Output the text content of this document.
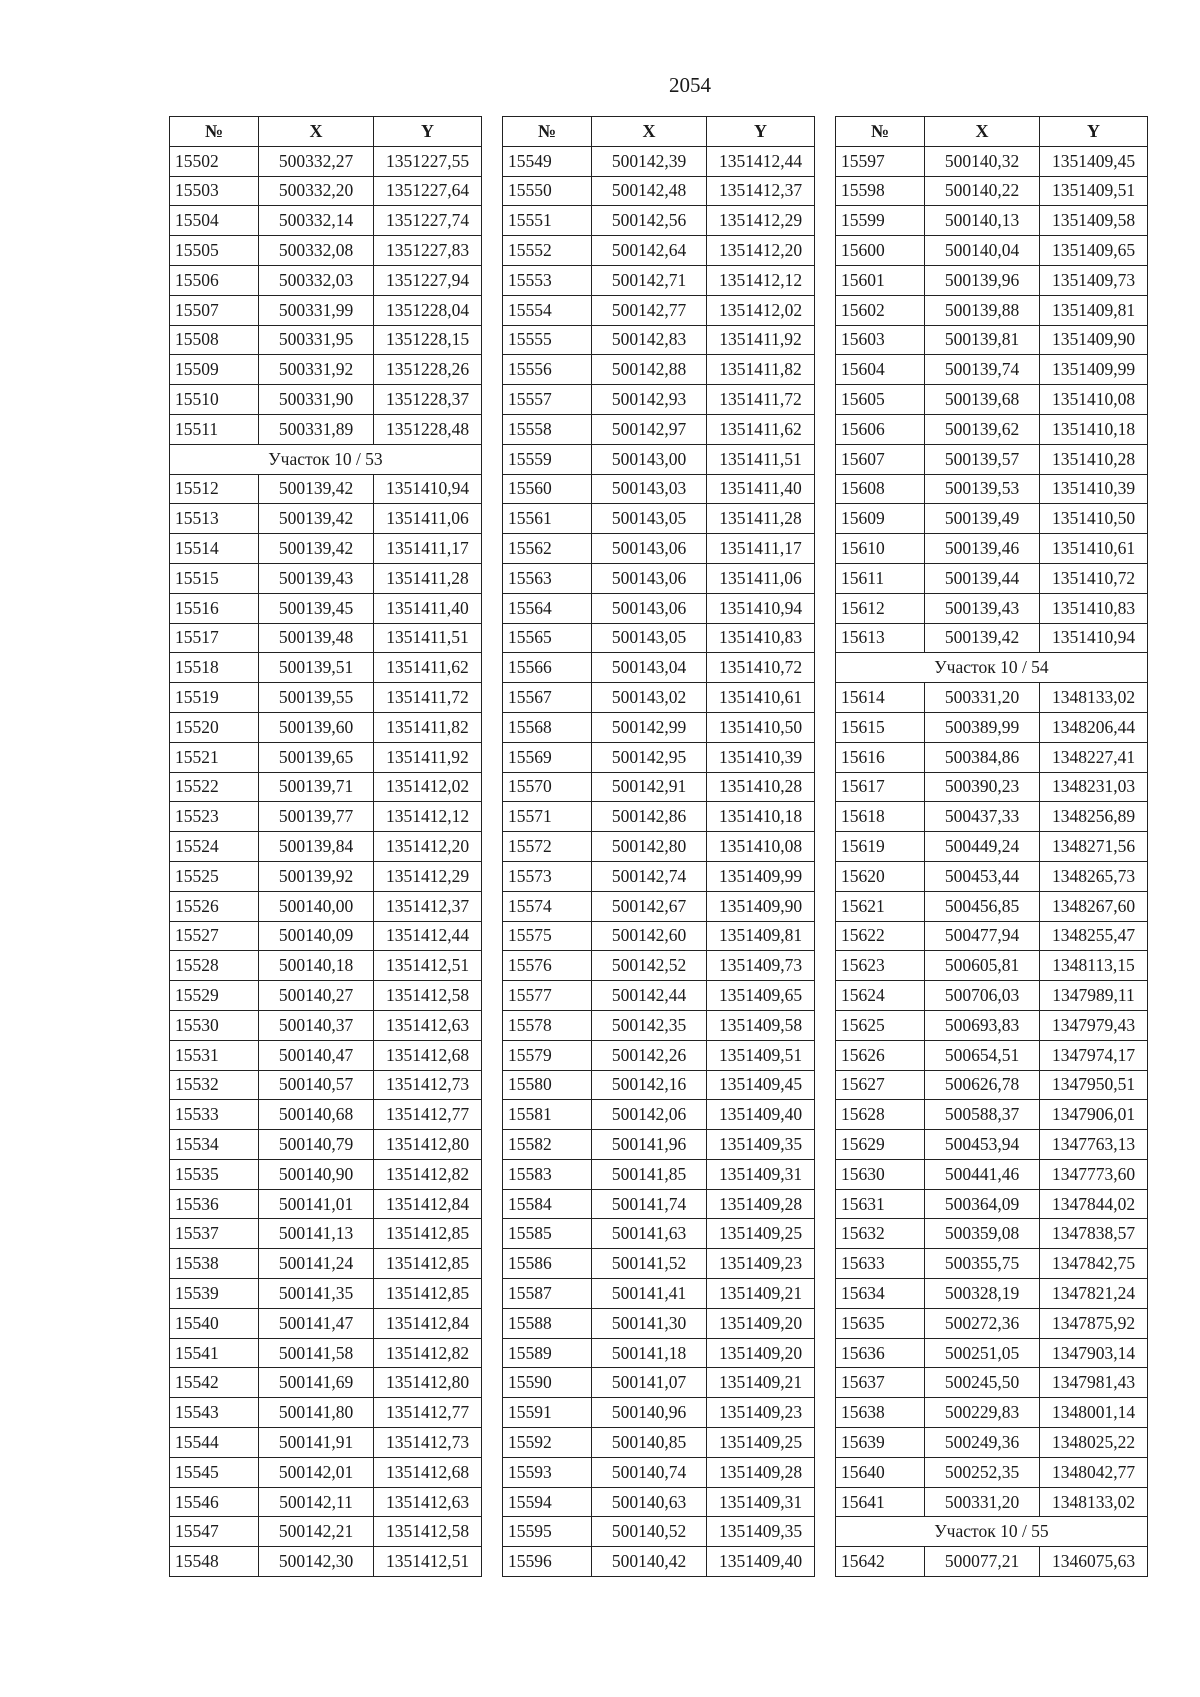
2054
№	X	Y
15502	500332,27	1351227,55
15503	500332,20	1351227,64
15504	500332,14	1351227,74
15505	500332,08	1351227,83
15506	500332,03	1351227,94
15507	500331,99	1351228,04
15508	500331,95	1351228,15
15509	500331,92	1351228,26
15510	500331,90	1351228,37
15511	500331,89	1351228,48
Участок 10 / 53		
15512	500139,42	1351410,94
15513	500139,42	1351411,06
15514	500139,42	1351411,17
15515	500139,43	1351411,28
15516	500139,45	1351411,40
15517	500139,48	1351411,51
15518	500139,51	1351411,62
15519	500139,55	1351411,72
15520	500139,60	1351411,82
15521	500139,65	1351411,92
15522	500139,71	1351412,02
15523	500139,77	1351412,12
15524	500139,84	1351412,20
15525	500139,92	1351412,29
15526	500140,00	1351412,37
15527	500140,09	1351412,44
15528	500140,18	1351412,51
15529	500140,27	1351412,58
15530	500140,37	1351412,63
15531	500140,47	1351412,68
15532	500140,57	1351412,73
15533	500140,68	1351412,77
15534	500140,79	1351412,80
15535	500140,90	1351412,82
15536	500141,01	1351412,84
15537	500141,13	1351412,85
15538	500141,24	1351412,85
15539	500141,35	1351412,85
15540	500141,47	1351412,84
15541	500141,58	1351412,82
15542	500141,69	1351412,80
15543	500141,80	1351412,77
15544	500141,91	1351412,73
15545	500142,01	1351412,68
15546	500142,11	1351412,63
15547	500142,21	1351412,58
15548	500142,30	1351412,51
№	X	Y
15549	500142,39	1351412,44
15550	500142,48	1351412,37
15551	500142,56	1351412,29
15552	500142,64	1351412,20
15553	500142,71	1351412,12
15554	500142,77	1351412,02
15555	500142,83	1351411,92
15556	500142,88	1351411,82
15557	500142,93	1351411,72
15558	500142,97	1351411,62
15559	500143,00	1351411,51
15560	500143,03	1351411,40
15561	500143,05	1351411,28
15562	500143,06	1351411,17
15563	500143,06	1351411,06
15564	500143,06	1351410,94
15565	500143,05	1351410,83
15566	500143,04	1351410,72
15567	500143,02	1351410,61
15568	500142,99	1351410,50
15569	500142,95	1351410,39
15570	500142,91	1351410,28
15571	500142,86	1351410,18
15572	500142,80	1351410,08
15573	500142,74	1351409,99
15574	500142,67	1351409,90
15575	500142,60	1351409,81
15576	500142,52	1351409,73
15577	500142,44	1351409,65
15578	500142,35	1351409,58
15579	500142,26	1351409,51
15580	500142,16	1351409,45
15581	500142,06	1351409,40
15582	500141,96	1351409,35
15583	500141,85	1351409,31
15584	500141,74	1351409,28
15585	500141,63	1351409,25
15586	500141,52	1351409,23
15587	500141,41	1351409,21
15588	500141,30	1351409,20
15589	500141,18	1351409,20
15590	500141,07	1351409,21
15591	500140,96	1351409,23
15592	500140,85	1351409,25
15593	500140,74	1351409,28
15594	500140,63	1351409,31
15595	500140,52	1351409,35
15596	500140,42	1351409,40
№	X	Y
15597	500140,32	1351409,45
15598	500140,22	1351409,51
15599	500140,13	1351409,58
15600	500140,04	1351409,65
15601	500139,96	1351409,73
15602	500139,88	1351409,81
15603	500139,81	1351409,90
15604	500139,74	1351409,99
15605	500139,68	1351410,08
15606	500139,62	1351410,18
15607	500139,57	1351410,28
15608	500139,53	1351410,39
15609	500139,49	1351410,50
15610	500139,46	1351410,61
15611	500139,44	1351410,72
15612	500139,43	1351410,83
15613	500139,42	1351410,94
Участок 10 / 54		
15614	500331,20	1348133,02
15615	500389,99	1348206,44
15616	500384,86	1348227,41
15617	500390,23	1348231,03
15618	500437,33	1348256,89
15619	500449,24	1348271,56
15620	500453,44	1348265,73
15621	500456,85	1348267,60
15622	500477,94	1348255,47
15623	500605,81	1348113,15
15624	500706,03	1347989,11
15625	500693,83	1347979,43
15626	500654,51	1347974,17
15627	500626,78	1347950,51
15628	500588,37	1347906,01
15629	500453,94	1347763,13
15630	500441,46	1347773,60
15631	500364,09	1347844,02
15632	500359,08	1347838,57
15633	500355,75	1347842,75
15634	500328,19	1347821,24
15635	500272,36	1347875,92
15636	500251,05	1347903,14
15637	500245,50	1347981,43
15638	500229,83	1348001,14
15639	500249,36	1348025,22
15640	500252,35	1348042,77
15641	500331,20	1348133,02
Участок 10 / 55		
15642	500077,21	1346075,63
